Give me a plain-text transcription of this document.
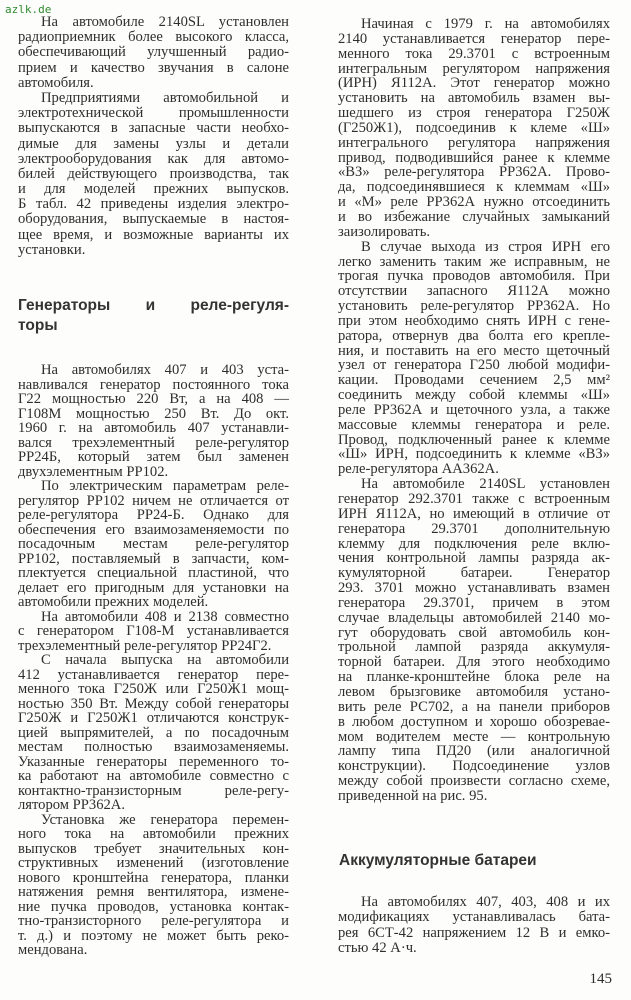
azlk.de
На автомобиле 2140SL установлен
радиоприемник более высокого класса,
обеспечивающий улучшенный радио-
прием и качество звучания в салоне
автомобиля.
Предприятиями автомобильной и
электротехнической промышленности
выпускаются в запасные части необхо-
димые для замены узлы и детали
электрооборудования как для автомо-
билей действующего производства, так
и для моделей прежних выпусков.
Б табл. 42 приведены изделия электро-
оборудования, выпускаемые в настоя-
щее время, и возможные варианты их
установки.
Генераторы и реле-регуля-
торы
На автомобилях 407 и 403 уста-
навливался генератор постоянного тока
Г22 мощностью 220 Вт, а на 408 —
Г108М мощностью 250 Вт. До окт.
1960 г. на автомобиль 407 устанавли-
вался трехэлементный реле-регулятор
РР24Б, который затем был заменен
двухэлементным РР102.
По электрическим параметрам реле-
регулятор РР102 ничем не отличается от
реле-регулятора РР24-Б. Однако для
обеспечения его взаимозаменяемости по
посадочным местам реле-регулятор
РР102, поставляемый в запчасти, ком-
плектуется специальной пластиной, что
делает его пригодным для установки на
автомобили прежних моделей.
На автомобили 408 и 2138 совместно
с генератором Г108-М устанавливается
трехэлементный реле-регулятор РР24Г2.
С начала выпуска на автомобили
412 устанавливается генератор пере-
менного тока Г250Ж или Г250Ж1 мощ-
ностью 350 Вт. Между собой генераторы
Г250Ж и Г250Ж1 отличаются конструк-
цией выпрямителей, а по посадочным
местам полностью взаимозаменяемы.
Указанные генераторы переменного то-
ка работают на автомобиле совместно с
контактно-транзисторным реле-регу-
лятором РР362А.
Установка же генератора перемен-
ного тока на автомобили прежних
выпусков требует значительных кон-
структивных изменений (изготовление
нового кронштейна генератора, планки
натяжения ремня вентилятора, измене-
ние пучка проводов, установка контак-
тно-транзисторного реле-регулятора и
т. д.) и поэтому не может быть реко-
мендована.
Начиная с 1979 г. на автомобилях
2140 устанавливается генератор пере-
менного тока 29.3701 с встроенным
интегральным регулятором напряжения
(ИРН) Я112А. Этот генератор можно
установить на автомобиль взамен вы-
шедшего из строя генератора Г250Ж
(Г250Ж1), подсоединив к клеме «Ш»
интегрального регулятора напряжения
привод, подводившийся ранее к клемме
«ВЗ» реле-регулятора РР362А. Прово-
да, подсоединявшиеся к клеммам «Ш»
и «М» реле РР362А нужно отсоединить
и во избежание случайных замыканий
заизолировать.
В случае выхода из строя ИРН его
легко заменить таким же исправным, не
трогая пучка проводов автомобиля. При
отсутствии запасного Я112А можно
установить реле-регулятор РР362А. Но
при этом необходимо снять ИРН с гене-
ратора, отвернув два болта его крепле-
ния, и поставить на его место щеточный
узел от генератора Г250 любой модифи-
кации. Проводами сечением 2,5 мм²
соединить между собой клеммы «Ш»
реле РР362А и щеточного узла, а также
массовые клеммы генератора и реле.
Провод, подключенный ранее к клемме
«Ш» ИРН, подсоединить к клемме «ВЗ»
реле-регулятора АА362А.
На автомобиле 2140SL установлен
генератор 292.3701 также с встроенным
ИРН Я112А, но имеющий в отличие от
генератора 29.3701 дополнительную
клемму для подключения реле вклю-
чения контрольной лампы разряда ак-
кумуляторной батареи. Генератор
293. 3701 можно устанавливать взамен
генератора 29.3701, причем в этом
случае владельцы автомобилей 2140 мо-
гут оборудовать свой автомобиль кон-
трольной лампой разряда аккумуля-
торной батареи. Для этого необходимо
на планке-кронштейне блока реле на
левом брызговике автомобиля устано-
вить реле РС702, а на панели приборов
в любом доступном и хорошо обозревае-
мом водителем месте — контрольную
лампу типа ПД20 (или аналогичной
конструкции). Подсоединение узлов
между собой произвести согласно схеме,
приведенной на рис. 95.
Аккумуляторные батареи
На автомобилях 407, 403, 408 и их
модификациях устанавливалась бата-
рея 6СТ-42 напряжением 12 В и емко-
стью 42 А·ч.
145
